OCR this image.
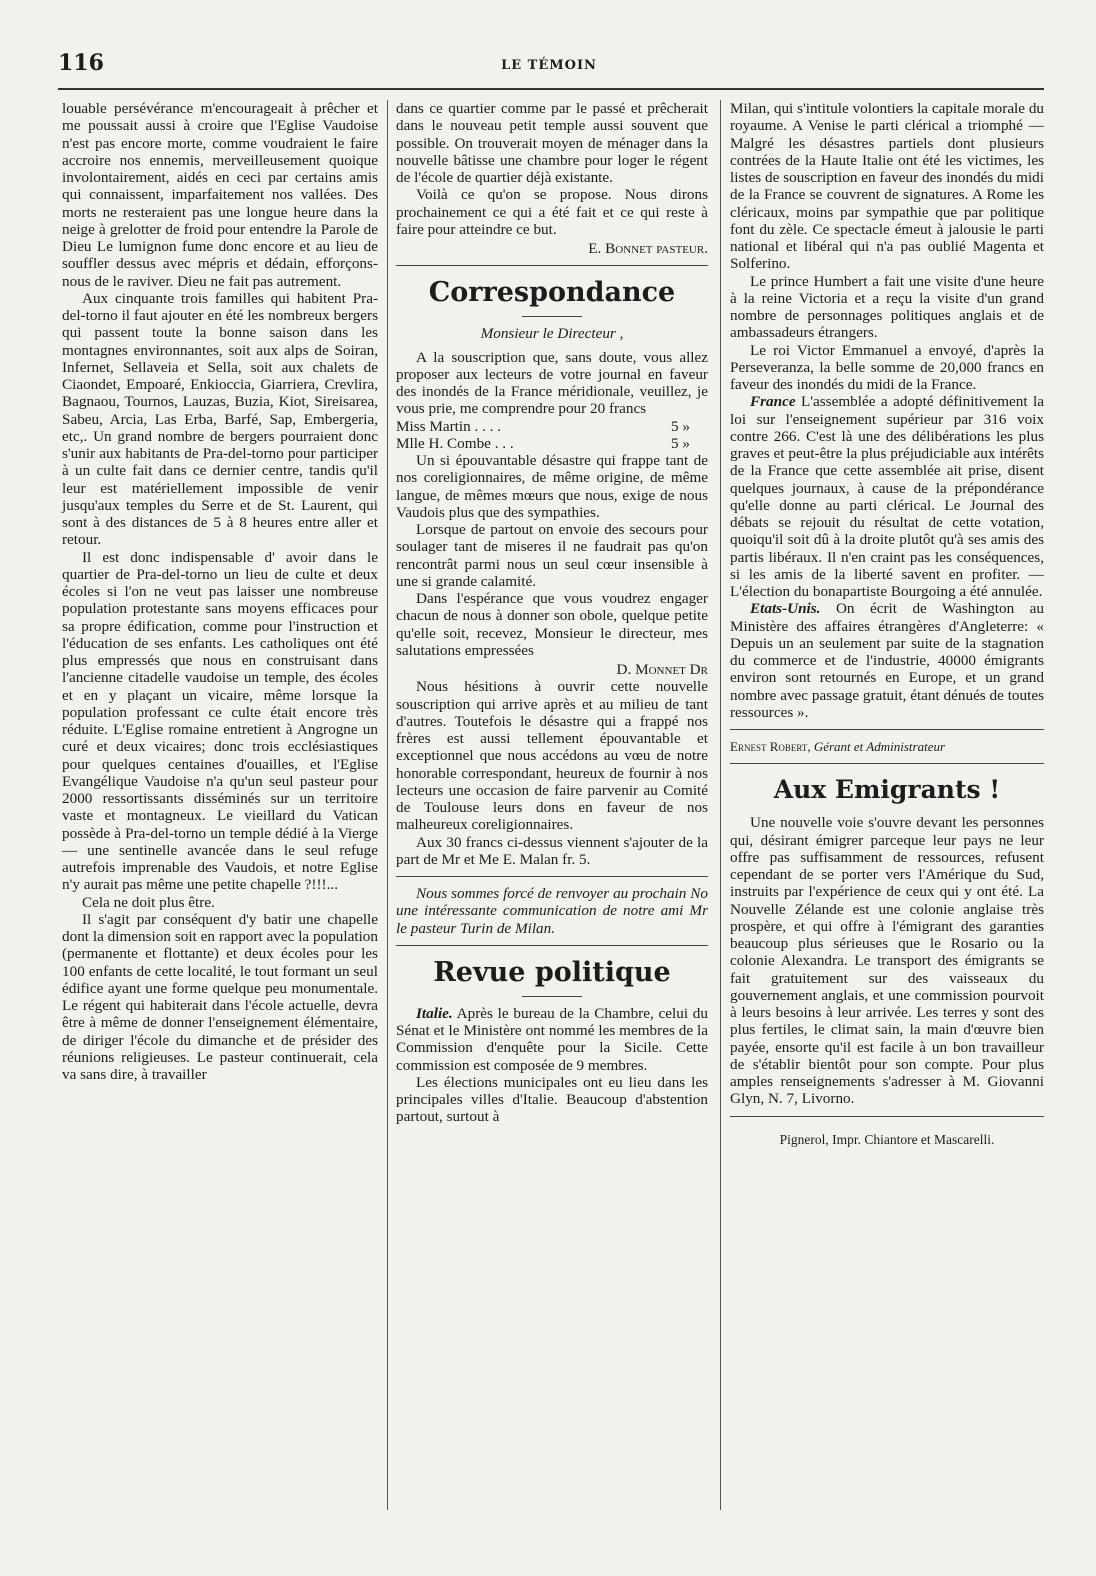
116	LE TÉMOIN

louable persévérance m'encourageait à prêcher et me poussait aussi à croire que l'Eglise Vaudoise n'est pas encore morte, comme voudraient le faire accroire nos ennemis, merveilleusement quoique involontairement, aidés en ceci par certains amis qui connaissent, imparfaitement nos vallées. Des morts ne resteraient pas une longue heure dans la neige à grelotter de froid pour entendre la Parole de Dieu Le lumignon fume donc encore et au lieu de souffler dessus avec mépris et dédain, efforçons-nous de le raviver. Dieu ne fait pas autrement.

Aux cinquante trois familles qui habitent Pra-del-torno il faut ajouter en été les nombreux bergers qui passent toute la bonne saison dans les montagnes environnantes, soit aux alps de Soiran, Infernet, Sellaveia et Sella, soit aux chalets de Ciaondet, Empoaré, Enkioccia, Giarriera, Crevlira, Bagnaou, Tournos, Lauzas, Buzia, Kiot, Sireisarea, Sabeu, Arcia, Las Erba, Barfé, Sap, Embergeria, etc,. Un grand nombre de bergers pourraient donc s'unir aux habitants de Pra-del-torno pour participer à un culte fait dans ce dernier centre, tandis qu'il leur est matériellement impossible de venir jusqu'aux temples du Serre et de St. Laurent, qui sont à des distances de 5 à 8 heures entre aller et retour.

Il est donc indispensable d' avoir dans le quartier de Pra-del-torno un lieu de culte et deux écoles si l'on ne veut pas laisser une nombreuse population protestante sans moyens efficaces pour sa propre édification, comme pour l'instruction et l'éducation de ses enfants. Les catholiques ont été plus empressés que nous en construisant dans l'ancienne citadelle vaudoise un temple, des écoles et en y plaçant un vicaire, même lorsque la population professant ce culte était encore très réduite. L'Eglise romaine entretient à Angrogne un curé et deux vicaires; donc trois ecclésiastiques pour quelques centaines d'ouailles, et l'Eglise Evangélique Vaudoise n'a qu'un seul pasteur pour 2000 ressortissants disséminés sur un territoire vaste et montagneux. Le vieillard du Vatican possède à Pra-del-torno un temple dédié à la Vierge — une sentinelle avancée dans le seul refuge autrefois imprenable des Vaudois, et notre Eglise n'y aurait pas même une petite chapelle ?!!!...

Cela ne doit plus être.

Il s'agit par conséquent d'y batir une chapelle dont la dimension soit en rapport avec la population (permanente et flottante) et deux écoles pour les 100 enfants de cette localité, le tout formant un seul édifice ayant une forme quelque peu monumentale. Le régent qui habiterait dans l'école actuelle, devra être à même de donner l'enseignement élémentaire, de diriger l'école du dimanche et de présider des réunions religieuses. Le pasteur continuerait, cela va sans dire, à travailler

dans ce quartier comme par le passé et prêcherait dans le nouveau petit temple aussi souvent que possible. On trouverait moyen de ménager dans la nouvelle bâtisse une chambre pour loger le régent de l'école de quartier déjà existante.

Voilà ce qu'on se propose. Nous dirons prochainement ce qui a été fait et ce qui reste à faire pour atteindre ce but.

E. Bonnet pasteur.

Correspondance

Monsieur le Directeur ,

A la souscription que, sans doute, vous allez proposer aux lecteurs de votre journal en faveur des inondés de la France méridionale, veuillez, je vous prie, me comprendre pour 20 francs

Miss Martin . . . .	5 »
Mlle H. Combe . . .	5 »

Un si épouvantable désastre qui frappe tant de nos coreligionnaires, de même origine, de même langue, de mêmes mœurs que nous, exige de nous Vaudois plus que des sympathies.

Lorsque de partout on envoie des secours pour soulager tant de miseres il ne faudrait pas qu'on rencontrât parmi nous un seul cœur insensible à une si grande calamité.

Dans l'espérance que vous voudrez engager chacun de nous à donner son obole, quelque petite qu'elle soit, recevez, Monsieur le directeur, mes salutations empressées

D. Monnet Dr

Nous hésitions à ouvrir cette nouvelle souscription qui arrive après et au milieu de tant d'autres. Toutefois le désastre qui a frappé nos frères est aussi tellement épouvantable et exceptionnel que nous accédons au vœu de notre honorable correspondant, heureux de fournir à nos lecteurs une occasion de faire parvenir au Comité de Toulouse leurs dons en faveur de nos malheureux coreligionnaires.

Aux 30 francs ci-dessus viennent s'ajouter de la part de Mr et Me E. Malan fr. 5.

Nous sommes forcé de renvoyer au prochain No une intéressante communication de notre ami Mr le pasteur Turin de Milan.

Revue politique

Italie. Après le bureau de la Chambre, celui du Sénat et le Ministère ont nommé les membres de la Commission d'enquête pour la Sicile. Cette commission est composée de 9 membres.

Les élections municipales ont eu lieu dans les principales villes d'Italie. Beaucoup d'abstention partout, surtout à

Milan, qui s'intitule volontiers la capitale morale du royaume. A Venise le parti clérical a triomphé — Malgré les désastres partiels dont plusieurs contrées de la Haute Italie ont été les victimes, les listes de souscription en faveur des inondés du midi de la France se couvrent de signatures. A Rome les cléricaux, moins par sympathie que par politique font du zèle. Ce spectacle émeut à jalousie le parti national et libéral qui n'a pas oublié Magenta et Solferino.

Le prince Humbert a fait une visite d'une heure à la reine Victoria et a reçu la visite d'un grand nombre de personnages politiques anglais et de ambassadeurs étrangers.

Le roi Victor Emmanuel a envoyé, d'après la Perseveranza, la belle somme de 20,000 francs en faveur des inondés du midi de la France.

France L'assemblée a adopté définitivement la loi sur l'enseignement supérieur par 316 voix contre 266. C'est là une des délibérations les plus graves et peut-être la plus préjudiciable aux intérêts de la France que cette assemblée ait prise, disent quelques journaux, à cause de la prépondérance qu'elle donne au parti clérical. Le Journal des débats se rejouit du résultat de cette votation, quoiqu'il soit dû à la droite plutôt qu'à ses amis des partis libéraux. Il n'en craint pas les conséquences, si les amis de la liberté savent en profiter. — L'élection du bonapartiste Bourgoing a été annulée.

Etats-Unis. On écrit de Washington au Ministère des affaires étrangères d'Angleterre: « Depuis un an seulement par suite de la stagnation du commerce et de l'industrie, 40000 émigrants environ sont retournés en Europe, et un grand nombre avec passage gratuit, étant dénués de toutes ressources ».

Ernest Robert, Gérant et Administrateur

Aux Emigrants !

Une nouvelle voie s'ouvre devant les personnes qui, désirant émigrer parceque leur pays ne leur offre pas suffisamment de ressources, refusent cependant de se porter vers l'Amérique du Sud, instruits par l'expérience de ceux qui y ont été. La Nouvelle Zélande est une colonie anglaise très prospère, et qui offre à l'émigrant des garanties beaucoup plus sérieuses que le Rosario ou la colonie Alexandra. Le transport des émigrants se fait gratuitement sur des vaisseaux du gouvernement anglais, et une commission pourvoit à leurs besoins à leur arrivée. Les terres y sont des plus fertiles, le climat sain, la main d'œuvre bien payée, ensorte qu'il est facile à un bon travailleur de s'établir bientôt pour son compte. Pour plus amples renseignements s'adresser à M. Giovanni Glyn, N. 7, Livorno.

Pignerol, Impr. Chiantore et Mascarelli.
